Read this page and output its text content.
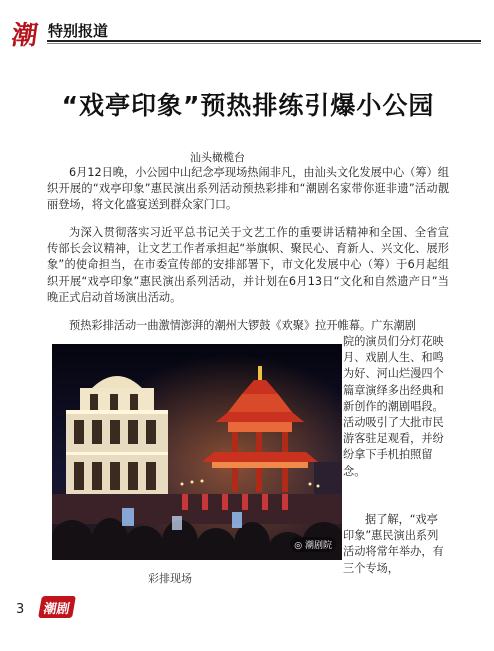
潮 特别报道
“戏亭印象”预热排练引爆小公园
汕头橄榄台
6月12日晚，小公园中山纪念亭现场热闹非凡，由汕头文化发展中心（筹）组织开展的“戏亭印象”惠民演出系列活动预热彩排和“潮剧名家带你逛非遗”活动靓丽登场，将文化盛宴送到群众家门口。
为深入贯彻落实习近平总书记关于文艺工作的重要讲话精神和全国、全省宣传部长会议精神，让文艺工作者承担起“举旗帜、聚民心、育新人、兴文化、展形象”的使命担当，在市委宣传部的安排部署下，市文化发展中心（筹）于6月起组织开展“戏亭印象”惠民演出系列活动，并计划在6月13日“文化和自然遗产日”当晚正式启动首场演出活动。
预热彩排活动一曲激情澎湃的潮州大锣鼓《欢聚》拉开帷幕。广东潮剧
院的演员们分灯花映月、戏剧人生、和鸣为好、河山烂漫四个篇章演绎多出经典和新创作的潮剧唱段。活动吸引了大批市民游客驻足观看，并纷纷拿下手机拍照留念。
据了解，“戏亭印象”惠民演出系列活动将常年举办，有三个专场，
◎ 潮剧院
彩排现场
3	潮剧
